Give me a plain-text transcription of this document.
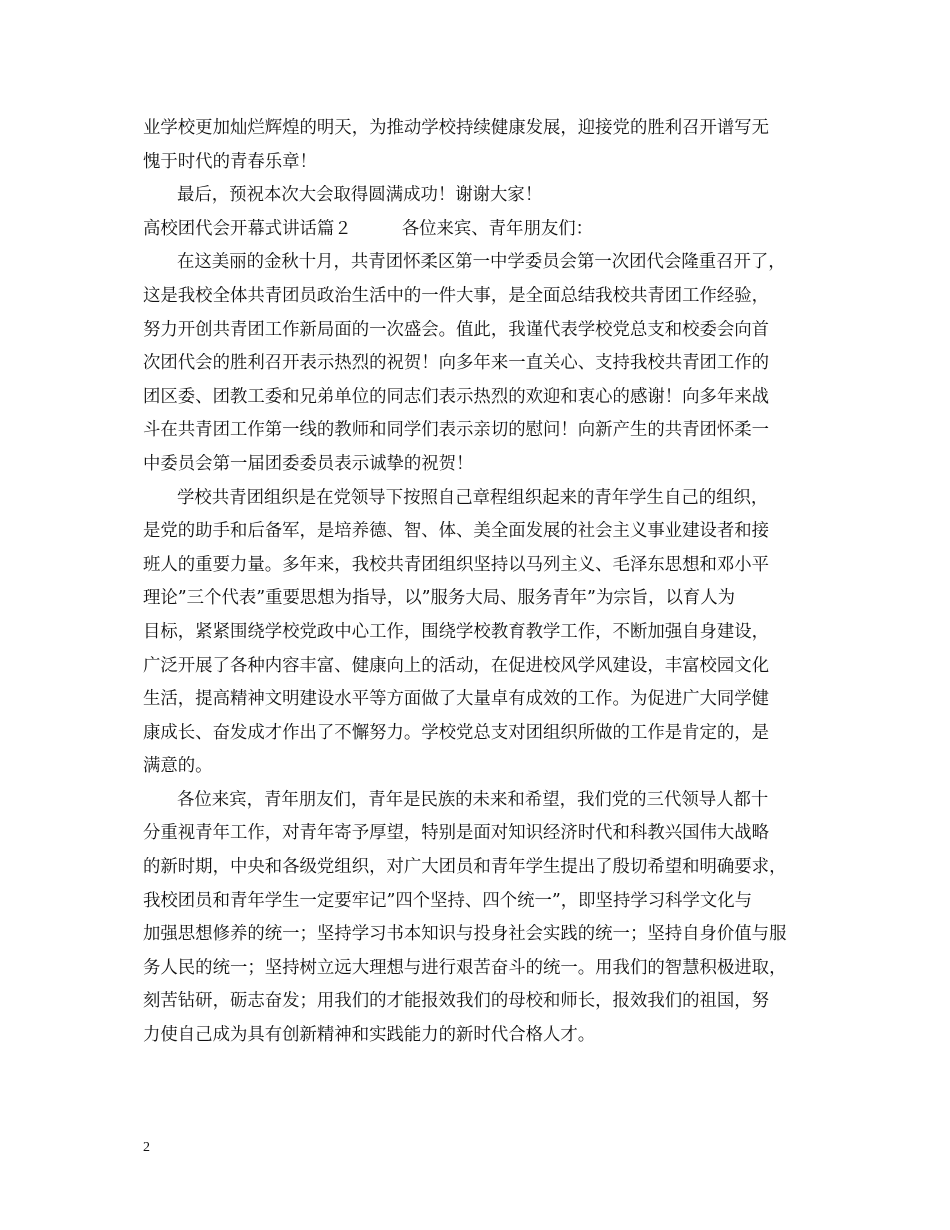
业学校更加灿烂辉煌的明天，为推动学校持续健康发展，迎接党的胜利召开谱写无
愧于时代的青春乐章！
最后，预祝本次大会取得圆满成功！谢谢大家！
高校团代会开幕式讲话篇２	各位来宾、青年朋友们：
在这美丽的金秋十月，共青团怀柔区第一中学委员会第一次团代会隆重召开了，
这是我校全体共青团员政治生活中的一件大事，是全面总结我校共青团工作经验，
努力开创共青团工作新局面的一次盛会。值此，我谨代表学校党总支和校委会向首
次团代会的胜利召开表示热烈的祝贺！向多年来一直关心、支持我校共青团工作的
团区委、团教工委和兄弟单位的同志们表示热烈的欢迎和衷心的感谢！向多年来战
斗在共青团工作第一线的教师和同学们表示亲切的慰问！向新产生的共青团怀柔一
中委员会第一届团委委员表示诚挚的祝贺！
学校共青团组织是在党领导下按照自己章程组织起来的青年学生自己的组织，
是党的助手和后备军，是培养德、智、体、美全面发展的社会主义事业建设者和接
班人的重要力量。多年来，我校共青团组织坚持以马列主义、毛泽东思想和邓小平
理论”三个代表”重要思想为指导，以”服务大局、服务青年”为宗旨，以育人为
目标，紧紧围绕学校党政中心工作，围绕学校教育教学工作，不断加强自身建设，
广泛开展了各种内容丰富、健康向上的活动，在促进校风学风建设，丰富校园文化
生活，提高精神文明建设水平等方面做了大量卓有成效的工作。为促进广大同学健
康成长、奋发成才作出了不懈努力。学校党总支对团组织所做的工作是肯定的，是
满意的。
各位来宾，青年朋友们，青年是民族的未来和希望，我们党的三代领导人都十
分重视青年工作，对青年寄予厚望，特别是面对知识经济时代和科教兴国伟大战略
的新时期，中央和各级党组织，对广大团员和青年学生提出了殷切希望和明确要求，
我校团员和青年学生一定要牢记”四个坚持、四个统一”，即坚持学习科学文化与
加强思想修养的统一；坚持学习书本知识与投身社会实践的统一；坚持自身价值与服
务人民的统一；坚持树立远大理想与进行艰苦奋斗的统一。用我们的智慧积极进取，
刻苦钻研，砺志奋发；用我们的才能报效我们的母校和师长，报效我们的祖国，努
力使自己成为具有创新精神和实践能力的新时代合格人才。
2
